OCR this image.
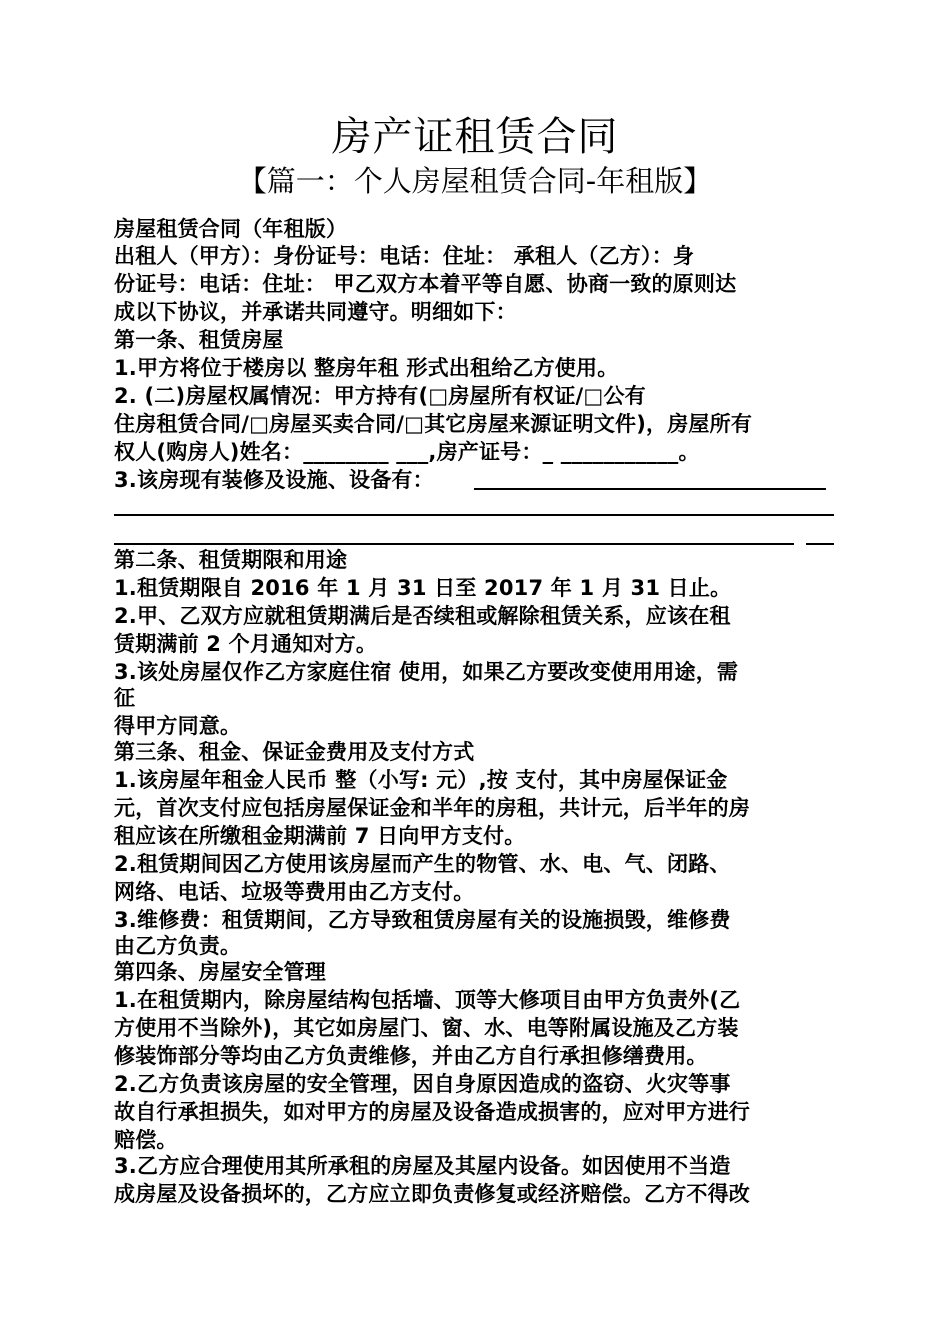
房产证租赁合同
【篇一：个人房屋租赁合同-年租版】
房屋租赁合同（年租版）
出租人（甲方）：身份证号：电话：住址： 承租人（乙方）：身
份证号：电话：住址： 甲乙双方本着平等自愿、协商一致的原则达
成以下协议，并承诺共同遵守。明细如下：
第一条、租赁房屋
1.甲方将位于楼房以 整房年租 形式出租给乙方使用。
2. (二)房屋权属情况：甲方持有(□房屋所有权证/□公有
住房租赁合同/□房屋买卖合同/□其它房屋来源证明文件)，房屋所有
权人(购房人)姓名：________ ___,房产证号：_ ___________。
3.该房现有装修及设施、设备有：
第二条、租赁期限和用途
1.租赁期限自 2016 年 1 月 31 日至 2017 年 1 月 31 日止。
2.甲、乙双方应就租赁期满后是否续租或解除租赁关系，应该在租
赁期满前 2 个月通知对方。
3.该处房屋仅作乙方家庭住宿 使用，如果乙方要改变使用用途，需
征
得甲方同意。
第三条、租金、保证金费用及支付方式
1.该房屋年租金人民币 整（小写: 元）,按 支付，其中房屋保证金
元，首次支付应包括房屋保证金和半年的房租，共计元，后半年的房
租应该在所缴租金期满前 7 日向甲方支付。
2.租赁期间因乙方使用该房屋而产生的物管、水、电、气、闭路、
网络、电话、垃圾等费用由乙方支付。
3.维修费：租赁期间，乙方导致租赁房屋有关的设施损毁，维修费
由乙方负责。
第四条、房屋安全管理
1.在租赁期内，除房屋结构包括墙、顶等大修项目由甲方负责外(乙
方使用不当除外)，其它如房屋门、窗、水、电等附属设施及乙方装
修装饰部分等均由乙方负责维修，并由乙方自行承担修缮费用。
2.乙方负责该房屋的安全管理，因自身原因造成的盗窃、火灾等事
故自行承担损失，如对甲方的房屋及设备造成损害的，应对甲方进行
赔偿。
3.乙方应合理使用其所承租的房屋及其屋内设备。如因使用不当造
成房屋及设备损坏的，乙方应立即负责修复或经济赔偿。乙方不得改
